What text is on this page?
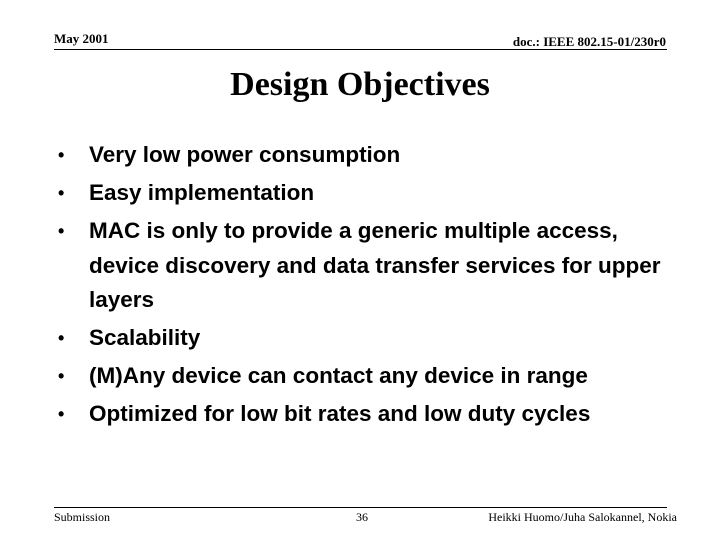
May 2001	doc.: IEEE 802.15-01/230r0
Design Objectives
• Very low power consumption
• Easy implementation
• MAC is only to provide a generic multiple access, device discovery and data transfer services for upper layers
• Scalability
• (M)Any device can contact any device in range
• Optimized for low bit rates and low duty cycles
Submission	36	Heikki Huomo/Juha Salokannel, Nokia
